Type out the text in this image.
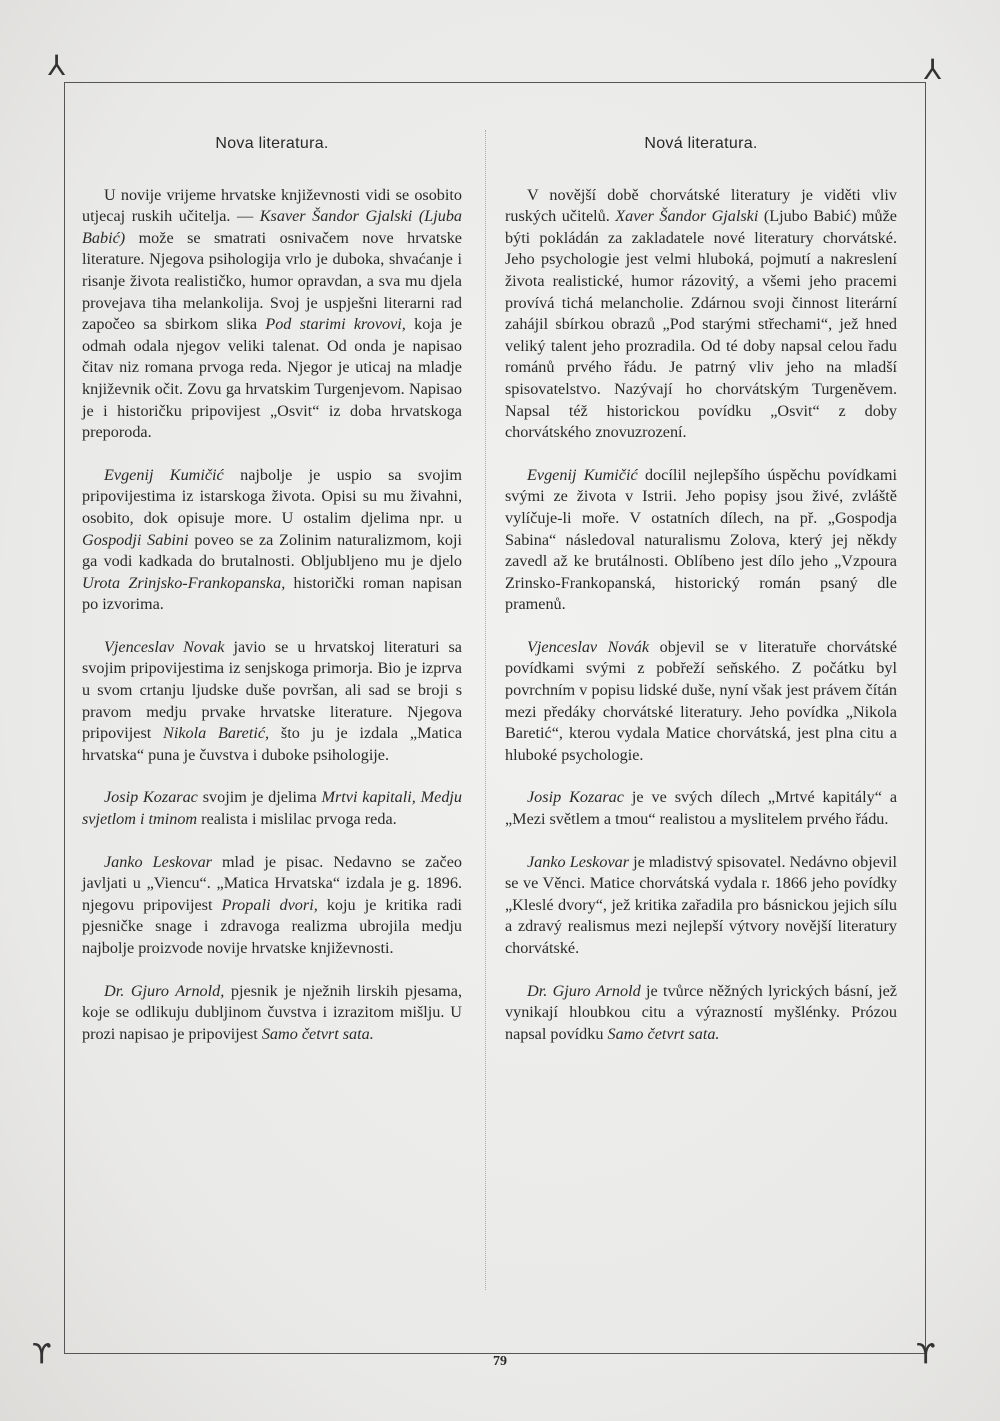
⅄	⅄
ϒ	ϒ
Nova literatura.

U novije vrijeme hrvatske književnosti vidi se osobito utjecaj ruskih učitelja. — Ksaver Šandor Gjalski (Ljuba Babić) može se smatrati osnivačem nove hrvatske literature. Njegova psihologija vrlo je duboka, shvaćanje i risanje života realističko, humor opravdan, a sva mu djela provejava tiha melankolija. Svoj je uspješni literarni rad započeo sa sbirkom slika Pod starimi krovovi, koja je odmah odala njegov veliki talenat. Od onda je napisao čitav niz romana prvoga reda. Njegor je uticaj na mladje književnik očit. Zovu ga hrvatskim Turgenjevom. Napisao je i historičku pripovijest „Osvit“ iz doba hrvatskoga preporoda.

Evgenij Kumičić najbolje je uspio sa svojim pripovijestima iz istarskoga života. Opisi su mu živahni, osobito, dok opisuje more. U ostalim djelima npr. u Gospodji Sabini poveo se za Zolinim naturalizmom, koji ga vodi kadkada do brutalnosti. Obljubljeno mu je djelo Urota Zrinjsko-Frankopanska, historički roman napisan po izvorima.

Vjenceslav Novak javio se u hrvatskoj literaturi sa svojim pripovijestima iz senjskoga primorja. Bio je izprva u svom crtanju ljudske duše površan, ali sad se broji s pravom medju prvake hrvatske literature. Njegova pripovijest Nikola Baretić, što ju je izdala „Matica hrvatska“ puna je čuvstva i duboke psihologije.

Josip Kozarac svojim je djelima Mrtvi kapitali, Medju svjetlom i tminom realista i mislilac prvoga reda.

Janko Leskovar mlad je pisac. Nedavno se začeo javljati u „Viencu“. „Matica Hrvatska“ izdala je g. 1896. njegovu pripovijest Propali dvori, koju je kritika radi pjesničke snage i zdravoga realizma ubrojila medju najbolje proizvode novije hrvatske književnosti.

Dr. Gjuro Arnold, pjesnik je nježnih lirskih pjesama, koje se odlikuju dubljinom čuvstva i izrazitom mišlju. U prozi napisao je pripovijest Samo četvrt sata.

Nová literatura.

V novější době chorvátské literatury je viděti vliv ruských učitelů. Xaver Šandor Gjalski (Ljubo Babić) může býti pokládán za zakladatele nové literatury chorvátské. Jeho psychologie jest velmi hluboká, pojmutí a nakreslení života realistické, humor rázovitý, a všemi jeho pracemi provívá tichá melancholie. Zdárnou svoji činnost literární zahájil sbírkou obrazů „Pod starými střechami“, jež hned veliký talent jeho prozradila. Od té doby napsal celou řadu románů prvého řádu. Je patrný vliv jeho na mladší spisovatelstvo. Nazývají ho chorvátským Turgeněvem. Napsal též historickou povídku „Osvit“ z doby chorvátského znovuzrození.

Evgenij Kumičić docílil nejlepšího úspěchu povídkami svými ze života v Istrii. Jeho popisy jsou živé, zvláště vylíčuje-li moře. V ostatních dílech, na př. „Gospodja Sabina“ následoval naturalismu Zolova, který jej někdy zavedl až ke brutálnosti. Oblíbeno jest dílo jeho „Vzpoura Zrinsko-Frankopanská, historický román psaný dle pramenů.

Vjenceslav Novák objevil se v literatuře chorvátské povídkami svými z pobřeží seňského. Z počátku byl povrchním v popisu lidské duše, nyní však jest právem čítán mezi předáky chorvátské literatury. Jeho povídka „Nikola Baretić“, kterou vydala Matice chorvátská, jest plna citu a hluboké psychologie.

Josip Kozarac je ve svých dílech „Mrtvé kapitály“ a „Mezi světlem a tmou“ realistou a myslitelem prvého řádu.

Janko Leskovar je mladistvý spisovatel. Nedávno objevil se ve Věnci. Matice chorvátská vydala r. 1866 jeho povídky „Kleslé dvory“, jež kritika zařadila pro básnickou jejich sílu a zdravý realismus mezi nejlepší výtvory novější literatury chorvátské.

Dr. Gjuro Arnold je tvůrce něžných lyrických básní, jež vynikají hloubkou citu a výrazností myšlénky. Prózou napsal povídku Samo četvrt sata.

79
